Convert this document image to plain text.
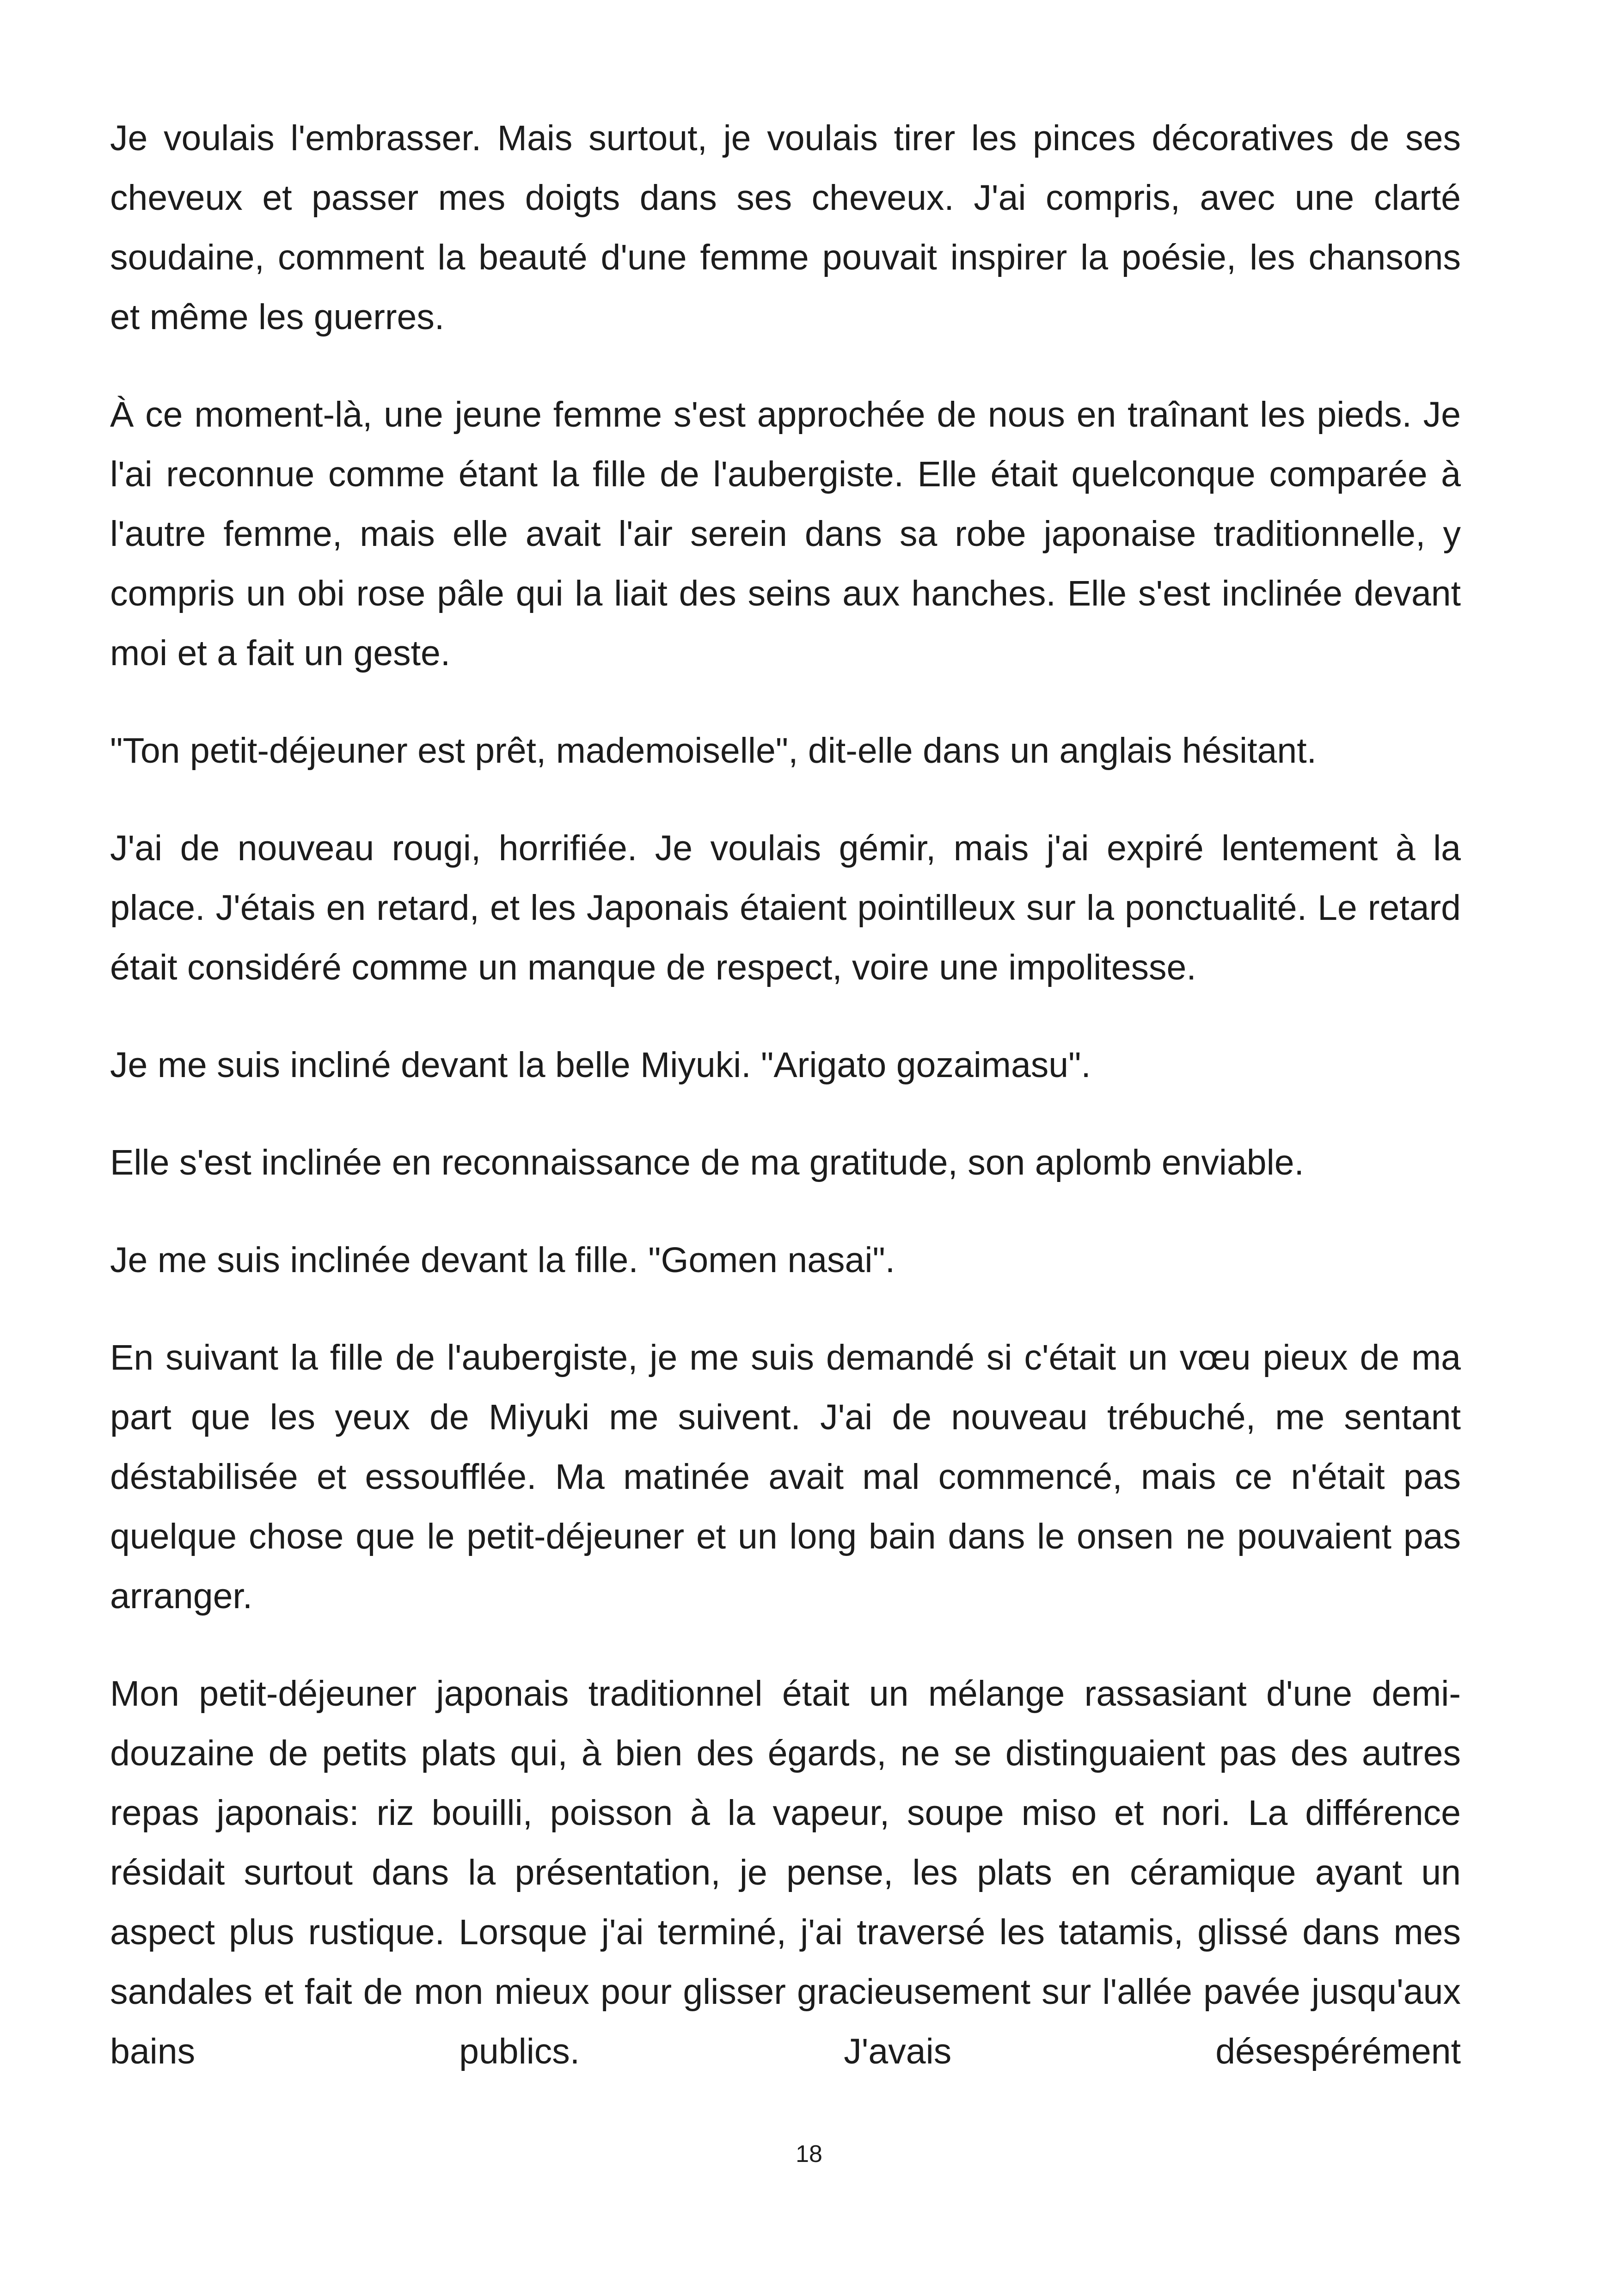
Je voulais l'embrasser. Mais surtout, je voulais tirer les pinces décoratives de ses cheveux et passer mes doigts dans ses cheveux. J'ai compris, avec une clarté soudaine, comment la beauté d'une femme pouvait inspirer la poésie, les chansons et même les guerres.

À ce moment-là, une jeune femme s'est approchée de nous en traînant les pieds. Je l'ai reconnue comme étant la fille de l'aubergiste. Elle était quelconque comparée à l'autre femme, mais elle avait l'air serein dans sa robe japonaise traditionnelle, y compris un obi rose pâle qui la liait des seins aux hanches. Elle s'est inclinée devant moi et a fait un geste.

"Ton petit-déjeuner est prêt, mademoiselle", dit-elle dans un anglais hésitant.

J'ai de nouveau rougi, horrifiée. Je voulais gémir, mais j'ai expiré lentement à la place. J'étais en retard, et les Japonais étaient pointilleux sur la ponctualité. Le retard était considéré comme un manque de respect, voire une impolitesse.

Je me suis incliné devant la belle Miyuki. "Arigato gozaimasu".

Elle s'est inclinée en reconnaissance de ma gratitude, son aplomb enviable.

Je me suis inclinée devant la fille. "Gomen nasai".

En suivant la fille de l'aubergiste, je me suis demandé si c'était un vœu pieux de ma part que les yeux de Miyuki me suivent. J'ai de nouveau trébuché, me sentant déstabilisée et essoufflée. Ma matinée avait mal commencé, mais ce n'était pas quelque chose que le petit-déjeuner et un long bain dans le onsen ne pouvaient pas arranger.

Mon petit-déjeuner japonais traditionnel était un mélange rassasiant d'une demi-douzaine de petits plats qui, à bien des égards, ne se distinguaient pas des autres repas japonais: riz bouilli, poisson à la vapeur, soupe miso et nori. La différence résidait surtout dans la présentation, je pense, les plats en céramique ayant un aspect plus rustique. Lorsque j'ai terminé, j'ai traversé les tatamis, glissé dans mes sandales et fait de mon mieux pour glisser gracieusement sur l'allée pavée jusqu'aux bains publics. J'avais désespérément

18
